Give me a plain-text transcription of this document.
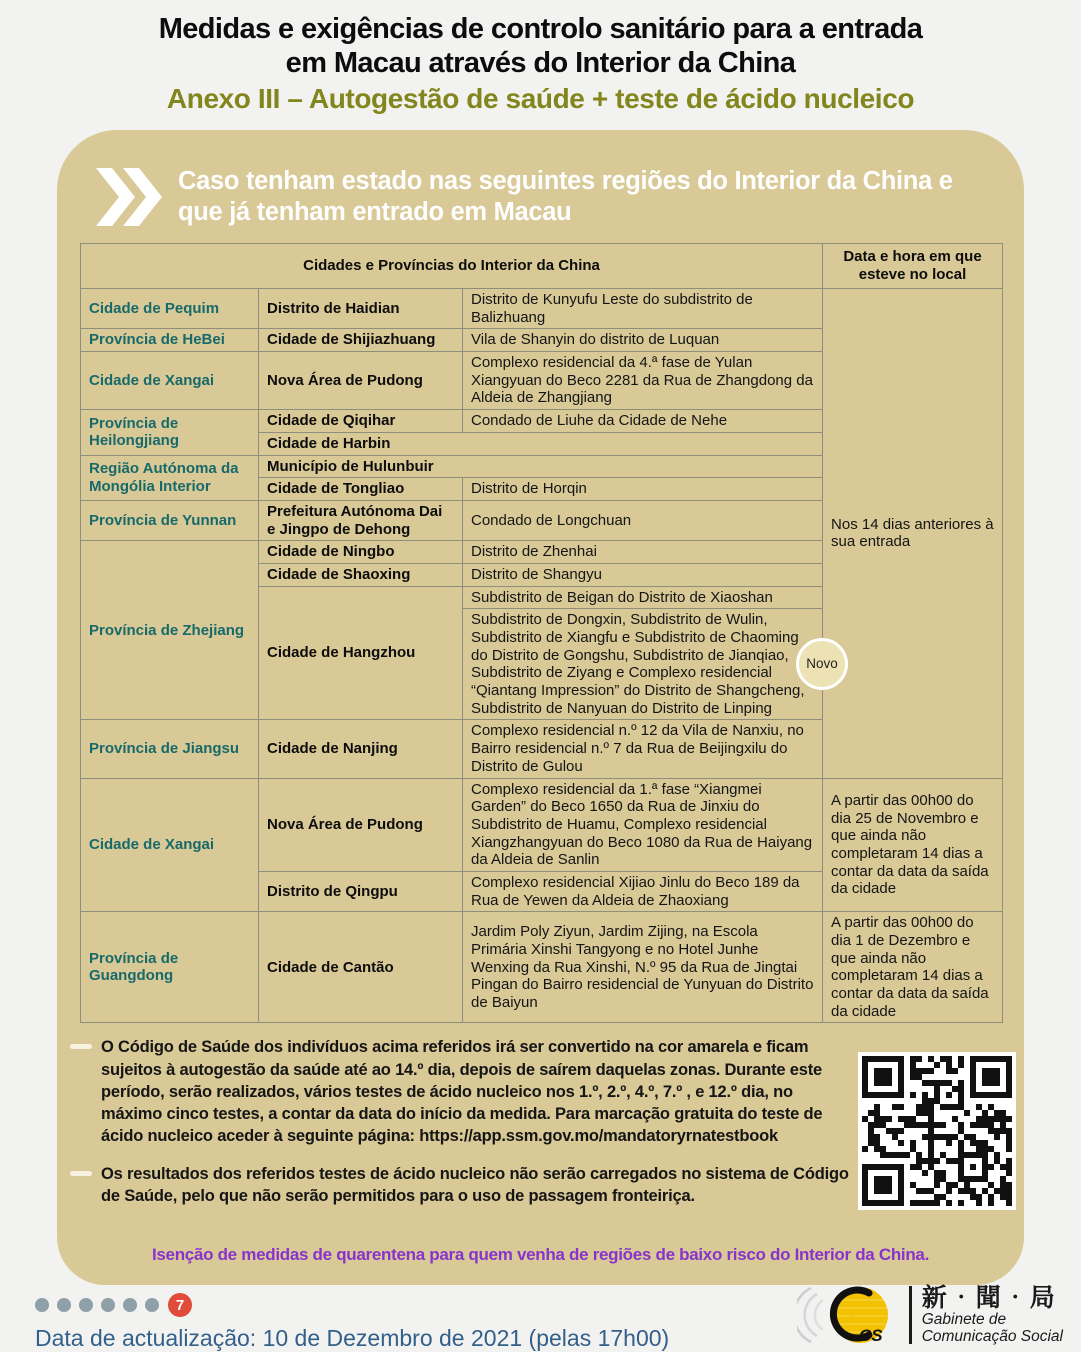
Medidas e exigências de controlo sanitário para a entrada
em Macau através do Interior da China
Anexo III – Autogestão de saúde + teste de ácido nucleico
Caso tenham estado nas seguintes regiões do Interior da China e que já tenham entrado em Macau
Cidades e Províncias do Interior da China			Data e hora em que esteve no local
Cidade de Pequim	Distrito de Haidian	Distrito de Kunyufu Leste do subdistrito de Balizhuang	Nos 14 dias anteriores à sua entrada
Província de HeBei	Cidade de Shijiazhuang	Vila de Shanyin do distrito de Luquan	
Cidade de Xangai	Nova Área de Pudong	Complexo residencial da 4.ª fase de Yulan Xiangyuan do Beco 2281 da Rua de Zhangdong da Aldeia de Zhangjiang	
Província de Heilongjiang	Cidade de Qiqihar	Condado de Liuhe da Cidade de Nehe	
	Cidade de Harbin		
Região Autónoma da Mongólia Interior	Município de Hulunbuir		
	Cidade de Tongliao	Distrito de Horqin	
Província de Yunnan	Prefeitura Autónoma Dai e Jingpo de Dehong	Condado de Longchuan	
Província de Zhejiang	Cidade de Ningbo	Distrito de Zhenhai	
	Cidade de Shaoxing	Distrito de Shangyu	
	Cidade de Hangzhou	Subdistrito de Beigan do Distrito de Xiaoshan	
		Subdistrito de Dongxin, Subdistrito de Wulin, Subdistrito de Xiangfu e Subdistrito de Chaoming do Distrito de Gongshu, Subdistrito de Jianqiao, Subdistrito de Ziyang e Complexo residencial “Qiantang Impression” do Distrito de Shangcheng, Subdistrito de Nanyuan do Distrito de Linping
Novo	

Província de Jiangsu	Cidade de Nanjing	Complexo residencial n.º 12 da Vila de Nanxiu, no Bairro residencial n.º 7 da Rua de Beijingxilu do Distrito de Gulou	
Cidade de Xangai	Nova Área de Pudong	Complexo residencial da 1.ª fase “Xiangmei Garden” do Beco 1650 da Rua de Jinxiu do Subdistrito de Huamu, Complexo residencial Xiangzhangyuan do Beco 1080 da Rua de Haiyang da Aldeia de Sanlin	A partir das 00h00 do dia 25 de Novembro e que ainda não completaram 14 dias a contar da data da saída da cidade
	Distrito de Qingpu	Complexo residencial Xijiao Jinlu do Beco 189 da Rua de Yewen da Aldeia de Zhaoxiang	
Província de Guangdong	Cidade de Cantão	Jardim Poly Ziyun, Jardim Zijing, na Escola Primária Xinshi Tangyong e no Hotel Junhe Wenxing da Rua Xinshi, N.º 95 da Rua de Jingtai Pingan do Bairro residencial de Yunyuan do Distrito de Baiyun	A partir das 00h00 do dia 1 de Dezembro e que ainda não completaram 14 dias a contar da data da saída da cidade

O Código de Saúde dos indivíduos acima referidos irá ser convertido na cor amarela e ficam sujeitos à autogestão da saúde até ao 14.º dia, depois de saírem daquelas zonas. Durante este período, serão realizados, vários testes de ácido nucleico nos 1.º, 2.º, 4.º, 7.º , e 12.º dia, no máximo cinco testes, a contar da data do início da medida. Para marcação gratuita do teste de ácido nucleico aceder à seguinte página: https://app.ssm.gov.mo/mandatoryrnatestbook

Os resultados dos referidos testes de ácido nucleico não serão carregados no sistema de Código de Saúde, pelo que não serão permitidos para o uso de passagem fronteiriça.

Isenção de medidas de quarentena para quem venha de regiões de baixo risco do Interior da China.
7
Data de actualização: 10 de Dezembro de 2021 (pelas 17h00)	CS
新‧聞‧局
Gabinete de
Comunicação Social
